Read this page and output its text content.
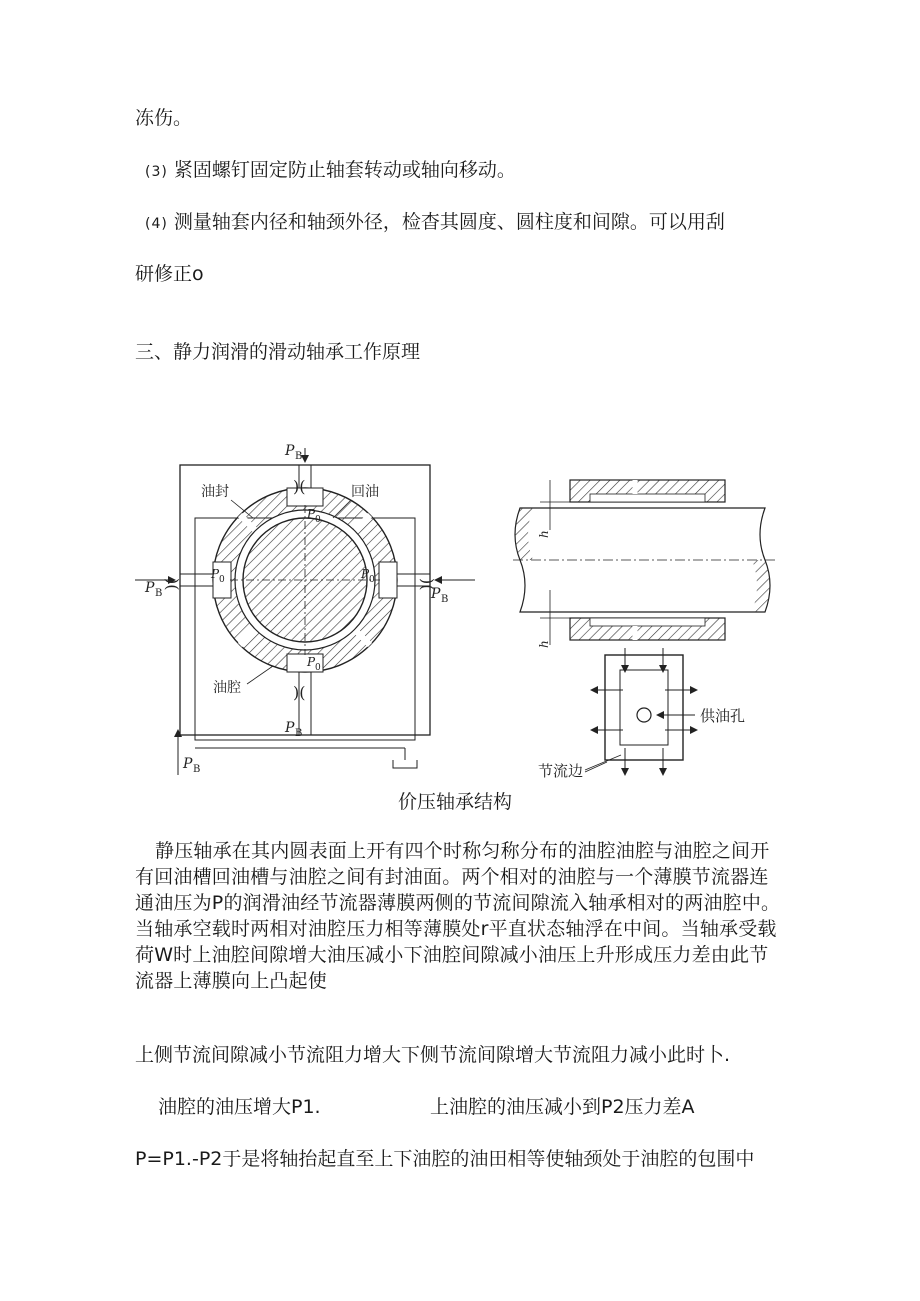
冻伤。

(3) 紧固螺钉固定防止轴套转动或轴向移动。

(4) 测量轴套内径和轴颈外径，检杳其圆度、圆柱度和间隙。可以用刮

研修正o

三、静力润滑的滑动轴承工作原理

)(
)(
)(	)(
P B
P B	P B
P B
P B
P 0
P 0	P 0
P 0
油封	回油
油腔
h
h
供油孔
节流边

价压轴承结构

静压轴承在其内圆表面上开有四个时称匀称分布的油腔油腔与油腔之间开有回油槽回油槽与油腔之间有封油面。两个相对的油腔与一个薄膜节流器连通油压为P的润滑油经节流器薄膜两侧的节流间隙流入轴承相对的两油腔中。当轴承空载时两相对油腔压力相等薄膜处r平直状态轴浮在中间。当轴承受载荷W时上油腔间隙增大油压减小下油腔间隙减小油压上升形成压力差由此节流器上薄膜向上凸起使

上侧节流间隙减小节流阻力增大下侧节流间隙增大节流阻力减小此时卜.

油腔的油压增大P1.	上油腔的油压减小到P2压力差A

P=P1.-P2于是将轴抬起直至上下油腔的油田相等使轴颈处于油腔的包围中
